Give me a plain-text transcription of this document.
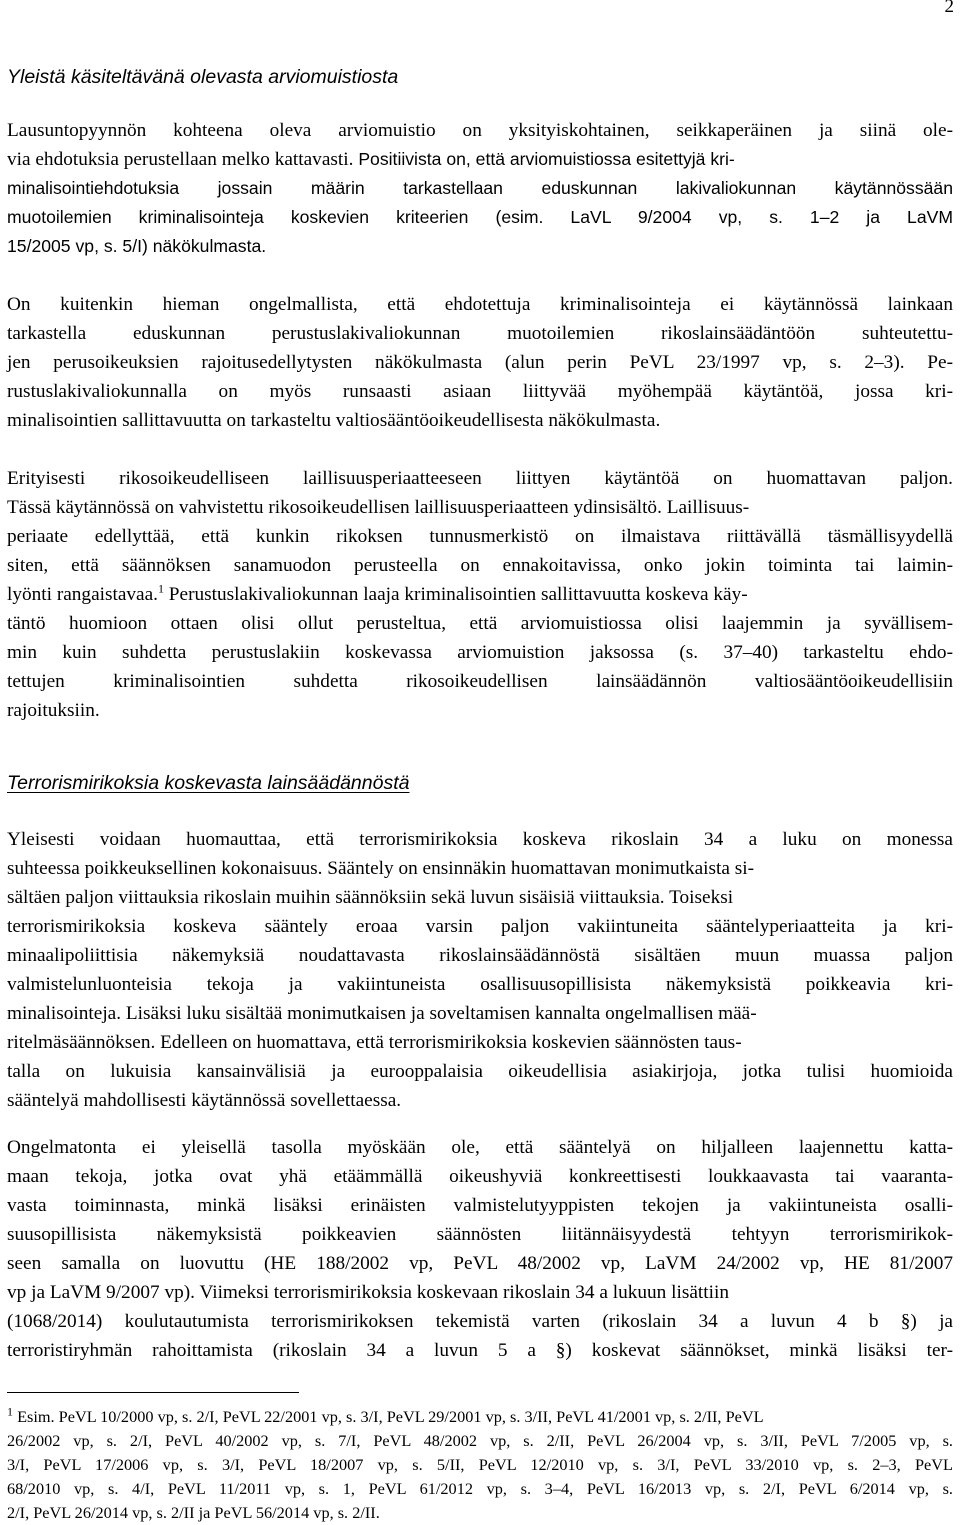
2
Yleistä käsiteltävänä olevasta arviomuistiosta
Lausuntopyynnön kohteena oleva arviomuistio on yksityiskohtainen, seikkaperäinen ja siinä ole-
via ehdotuksia perustellaan melko kattavasti. Positiivista on, että arviomuistiossa esitettyjä kri-
minalisointiehdotuksia jossain määrin tarkastellaan eduskunnan lakivaliokunnan käytännössään
muotoilemien kriminalisointeja koskevien kriteerien (esim. LaVL 9/2004 vp, s. 1–2 ja LaVM
15/2005 vp, s. 5/I) näkökulmasta.
On kuitenkin hieman ongelmallista, että ehdotettuja kriminalisointeja ei käytännössä lainkaan
tarkastella eduskunnan perustuslakivaliokunnan muotoilemien rikoslainsäädäntöön suhteutettu-
jen perusoikeuksien rajoitusedellytysten näkökulmasta (alun perin PeVL 23/1997 vp, s. 2–3). Pe-
rustuslakivaliokunnalla on myös runsaasti asiaan liittyvää myöhempää käytäntöä, jossa kri-
minalisointien sallittavuutta on tarkasteltu valtiosääntöoikeudellisesta näkökulmasta.
Erityisesti rikosoikeudelliseen laillisuusperiaatteeseen liittyen käytäntöä on huomattavan paljon.
Tässä käytännössä on vahvistettu rikosoikeudellisen laillisuusperiaatteen ydinsisältö. Laillisuus-
periaate edellyttää, että kunkin rikoksen tunnusmerkistö on ilmaistava riittävällä täsmällisyydellä
siten, että säännöksen sanamuodon perusteella on ennakoitavissa, onko jokin toiminta tai laimin-
lyönti rangaistavaa.$^1$ Perustuslakivaliokunnan laaja kriminalisointien sallittavuutta koskeva käy-
täntö huomioon ottaen olisi ollut perusteltua, että arviomuistiossa olisi laajemmin ja syvällisem-
min kuin suhdetta perustuslakiin koskevassa arviomuistion jaksossa (s. 37–40) tarkasteltu ehdo-
tettujen kriminalisointien suhdetta rikosoikeudellisen lainsäädännön valtiosääntöoikeudellisiin
rajoituksiin.
Terrorismirikoksia koskevasta lainsäädännöstä
Yleisesti voidaan huomauttaa, että terrorismirikoksia koskeva rikoslain 34 a luku on monessa
suhteessa poikkeuksellinen kokonaisuus. Sääntely on ensinnäkin huomattavan monimutkaista si-
sältäen paljon viittauksia rikoslain muihin säännöksiin sekä luvun sisäisiä viittauksia. Toiseksi
terrorismirikoksia koskeva sääntely eroaa varsin paljon vakiintuneita sääntelyperiaatteita ja kri-
minaalipoliittisia näkemyksiä noudattavasta rikoslainsäädännöstä sisältäen muun muassa paljon
valmistelunluonteisia tekoja ja vakiintuneista osallisuusopillisista näkemyksistä poikkeavia kri-
minalisointeja. Lisäksi luku sisältää monimutkaisen ja soveltamisen kannalta ongelmallisen mää-
ritelmäsäännöksen. Edelleen on huomattava, että terrorismirikoksia koskevien säännösten taus-
talla on lukuisia kansainvälisiä ja eurooppalaisia oikeudellisia asiakirjoja, jotka tulisi huomioida
sääntelyä mahdollisesti käytännössä sovellettaessa.
Ongelmatonta ei yleisellä tasolla myöskään ole, että sääntelyä on hiljalleen laajennettu katta-
maan tekoja, jotka ovat yhä etäämmällä oikeushyviä konkreettisesti loukkaavasta tai vaaranta-
vasta toiminnasta, minkä lisäksi erinäisten valmistelutyyppisten tekojen ja vakiintuneista osalli-
suusopillisista näkemyksistä poikkeavien säännösten liitännäisyydestä tehtyyn terrorismirikok-
seen samalla on luovuttu (HE 188/2002 vp, PeVL 48/2002 vp, LaVM 24/2002 vp, HE 81/2007
vp ja LaVM 9/2007 vp). Viimeksi terrorismirikoksia koskevaan rikoslain 34 a lukuun lisättiin
(1068/2014) koulutautumista terrorismirikoksen tekemistä varten (rikoslain 34 a luvun 4 b §) ja
terroristiryhmän rahoittamista (rikoslain 34 a luvun 5 a §) koskevat säännökset, minkä lisäksi ter-
$^1$ Esim. PeVL 10/2000 vp, s. 2/I, PeVL 22/2001 vp, s. 3/I, PeVL 29/2001 vp, s. 3/II, PeVL 41/2001 vp, s. 2/II, PeVL
26/2002 vp, s. 2/I, PeVL 40/2002 vp, s. 7/I, PeVL 48/2002 vp, s. 2/II, PeVL 26/2004 vp, s. 3/II, PeVL 7/2005 vp, s.
3/I, PeVL 17/2006 vp, s. 3/I, PeVL 18/2007 vp, s. 5/II, PeVL 12/2010 vp, s. 3/I, PeVL 33/2010 vp, s. 2–3, PeVL
68/2010 vp, s. 4/I, PeVL 11/2011 vp, s. 1, PeVL 61/2012 vp, s. 3–4, PeVL 16/2013 vp, s. 2/I, PeVL 6/2014 vp, s.
2/I, PeVL 26/2014 vp, s. 2/II ja PeVL 56/2014 vp, s. 2/II.
